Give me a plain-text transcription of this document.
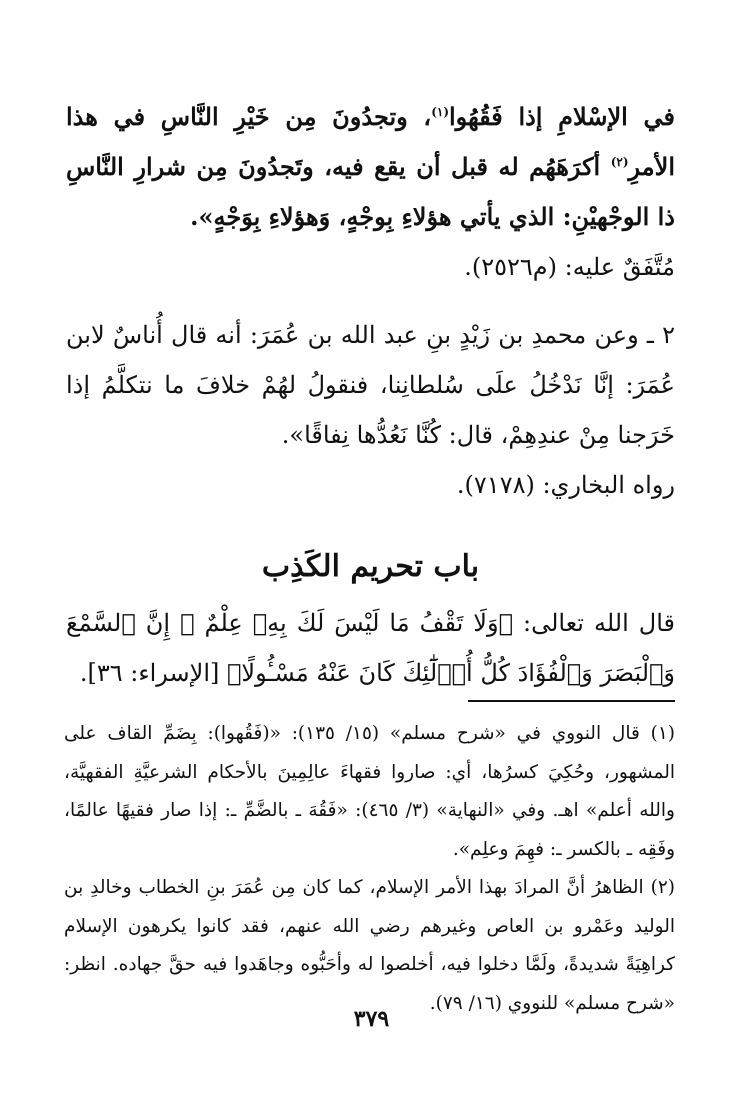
في الإسْلامِ إذا فَقُهُوا$^{(١)}$، وتجدُونَ مِن خَيْرِ النَّاسِ في هذا الأمرِ$^{(٢)}$ أكرَهَهُم له قبل أن يقع فيه، وتَجدُونَ مِن شرارِ النَّاسِ ذا الوجْهيْنِ: الذي يأتي هؤلاءِ بِوجْهٍ، وَهؤلاءِ بِوَجْهٍ».

مُتَّفَقٌ عليه: (م٢٥٢٦).

٢ ـ وعن محمدِ بن زَيْدٍ بنِ عبد الله بن عُمَرَ: أنه قال أُناسٌ لابن عُمَرَ: إنَّا نَدْخُلُ علَى سُلطانِنا، فنقولُ لهُمْ خلافَ ما نتكلَّمُ إذا خَرَجنا مِنْ عندِهِمْ، قال: كُنَّا نَعُدُّها نِفاقًا».

رواه البخاري: (٧١٧٨).

باب تحريم الكَذِب

قال الله تعالى: ﴿وَلَا تَقْفُ مَا لَيْسَ لَكَ بِهِۦ عِلْمٌ ۚ إِنَّ ٱلسَّمْعَ وَٱلْبَصَرَ وَٱلْفُؤَادَ كُلُّ أُو۟لَٰٓئِكَ كَانَ عَنْهُ مَسْـُٔولًا﴾ [الإسراء: ٣٦].

(١) قال النووي في «شرح مسلم» (١٥/ ١٣٥): «(فَقُهوا): بِضَمِّ القاف على المشهور، وحُكِيَ كسرُها، أي: صاروا فقهاءَ عالِمِينَ بالأحكام الشرعيَّةِ الفقهيَّة، والله أعلم» اهـ. وفي «النهاية» (٣/ ٤٦٥): «فَقُهَ ـ بالضَّمِّ ـ: إذا صار فقيهًا عالمًا، وفَقِه ـ بالكسر ـ: فهِمَ وعلِم».

(٢) الظاهرُ أنَّ المرادَ بهذا الأمر الإسلام، كما كان مِن عُمَرَ بنِ الخطاب وخالدِ بن الوليد وعَمْرو بن العاص وغيرهم رضي الله عنهم، فقد كانوا يكرهون الإسلام كراهِيَةً شديدةً، ولَمَّا دخلوا فيه، أخلصوا له وأحَبُّوه وجاهَدوا فيه حقَّ جهاده. انظر: «شرح مسلم» للنووي (١٦/ ٧٩).

٣٧٩
